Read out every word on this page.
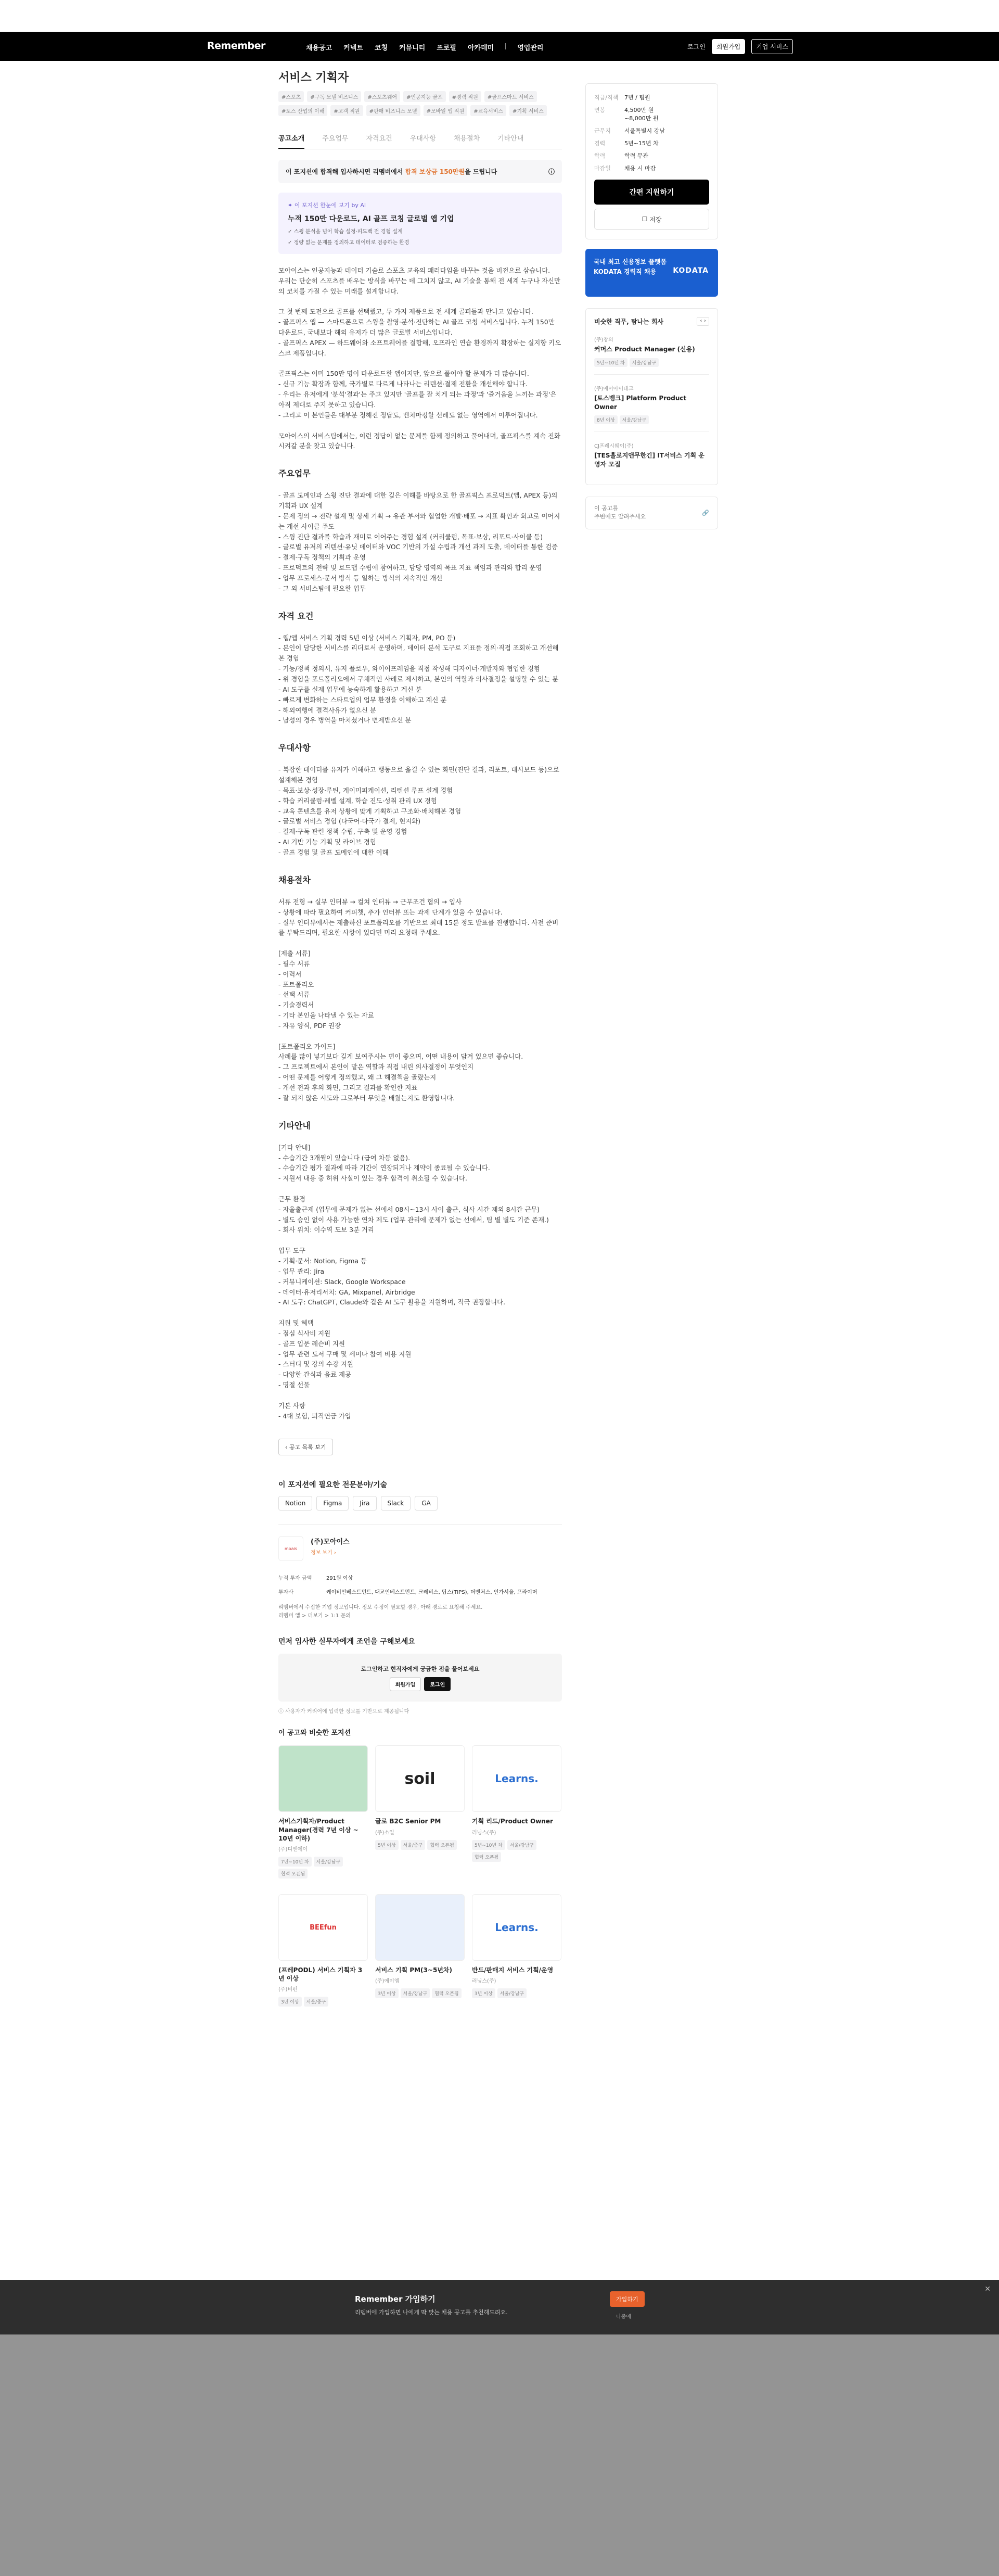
Remember	채용공고 커넥트 코칭 커뮤니티 프로필 아카데미	영업관리	로그인	회원가입	기업 서비스
서비스 기획자
#스포츠	#구독 모델 비즈니스	#스포츠웨어	#인공지능 골프	#경력 직원	#골프스마트 서비스
#토스 산업의 이해	#고객 직원	#판매 비즈니스 모델	#모바일 앱 직원	#교육서비스	#기획 서비스
공고소개	주요업무	자격요건	우대사항	채용절차	기타안내
이 포지션에 합격해 입사하시면 리멤버에서 합격 보상금 150만원을 드립니다	ⓘ
✦ 이 포지션 한눈에 보기 by AI
누적 150만 다운로드, AI 골프 코칭 글로벌 앱 기업
✓ 스윙 분석을 넘어 학습 설정·피드백 전 경험 설계
✓ 정량 없는 문제를 정의하고 데이터로 검증하는 환경
모아이스는 인공지능과 데이터 기술로 스포츠 교육의 패러다임을 바꾸는 것을 비전으로 삼습니다.
우리는 단순히 스포츠를 배우는 방식을 바꾸는 데 그치지 않고, AI 기술을 통해 전 세계 누구나 자신만의 코치를 가질 수 있는 미래를 설계합니다.

그 첫 번째 도전으로 골프를 선택했고, 두 가지 제품으로 전 세계 골퍼들과 만나고 있습니다.
- 골프픽스 앱 — 스마트폰으로 스윙을 촬영·분석·진단하는 AI 골프 코칭 서비스입니다. 누적 150만 다운로드, 국내보다 해외 유저가 더 많은 글로벌 서비스입니다.
- 골프픽스 APEX — 하드웨어와 소프트웨어를 결합해, 오프라인 연습 환경까지 확장하는 실지향 키오스크 제품입니다.

골프픽스는 이미 150만 명이 다운로드한 앱이지만, 앞으로 풀어야 할 문제가 더 많습니다.
- 신규 기능 확장과 함께, 국가별로 다르게 나타나는 리텐션·결제 전환을 개선해야 합니다.
- 우리는 유저에게 '분석'결과'는 주고 있지만 '골프를 잘 치게 되는 과정'과 '즐거움을 느끼는 과정'은 아직 제대로 주지 못하고 있습니다.
- 그리고 이 본인들은 대부분 정해진 정답도, 벤치마킹할 선례도 없는 영역에서 이루어집니다.

모아이스의 서비스팀에서는, 이런 정답이 없는 문제를 함께 정의하고 풀어내며, 골프픽스를 계속 진화시켜갈 분을 찾고 있습니다.
주요업무
- 골프 도메인과 스윙 진단 결과에 대한 깊은 이해를 바탕으로 한 골프픽스 프로덕트(앱, APEX 등)의 기획과 UX 설계
- 문제 정의 → 전략 설계 및 상세 기획 → 유관 부서와 협업한 개발·배포 → 지표 확인과 회고로 이어지는 개선 사이클 주도
- 스윙 진단 결과를 학습과 재미로 이어주는 경험 설계 (커리큘럼, 목표·보상, 리포트·사이클 등)
- 글로벌 유저의 리텐션·유닛 데이터와 VOC 기반의 가설 수립과 개선 과제 도출, 데이터를 통한 검증
- 결제·구독 정책의 기획과 운영
- 프로덕트의 전략 및 로드맵 수립에 참여하고, 담당 영역의 목표 지표 책임과 관리와 합리 운영
- 업무 프로세스·문서 방식 등 일하는 방식의 지속적인 개선
- 그 외 서비스팀에 필요한 업무
자격 요건
- 웹/앱 서비스 기획 경력 5년 이상 (서비스 기획자, PM, PO 등)
- 본인이 담당한 서비스를 리더로서 운영하며, 데이터 분석 도구로 지표를 정의·직접 조회하고 개선해본 경험
- 기능/정책 정의서, 유저 플로우, 와이어프레임을 직접 작성해 디자이너·개발자와 협업한 경험
- 위 경험을 포트폴리오에서 구체적인 사례로 제시하고, 본인의 역할과 의사결정을 설명할 수 있는 분
- AI 도구를 실제 업무에 능숙하게 활용하고 계신 분
- 빠르게 변화하는 스타트업의 업무 환경을 이해하고 계신 분
- 해외여행에 결격사유가 없으신 분
- 남성의 경우 병역을 마치셨거나 면제받으신 분
우대사항
- 복잡한 데이터를 유저가 이해하고 행동으로 옮길 수 있는 화면(진단 결과, 리포트, 대시보드 등)으로 설계해본 경험
- 목표·보상·성장·루틴, 게이미피케이션, 리텐션 루프 설계 경험
- 학습 커리큘럼·레벨 설계, 학습 진도·성취 관리 UX 경험
- 교육 콘텐츠를 유저 상황에 맞게 기획하고 구조화·배치해본 경험
- 글로벌 서비스 경험 (다국어·다국가 결제, 현지화)
- 결제·구독 관련 정책 수립, 구축 및 운영 경험
- AI 기반 기능 기획 및 라이브 경험
- 골프 경험 및 골프 도메인에 대한 이해
채용절차
서류 전형 → 실무 인터뷰 → 컬쳐 인터뷰 → 근무조건 협의 → 입사
- 상황에 따라 필요하여 커피챗, 추가 인터뷰 또는 과제 단계가 있을 수 있습니다.
- 실무 인터뷰에서는 제출하신 포트폴리오를 기반으로 최대 15분 정도 발표를 진행합니다. 사전 준비를 부탁드리며, 필요한 사항이 있다면 미리 요청해 주세요.

[제출 서류]
- 필수 서류
- 이력서
- 포트폴리오
- 선택 서류
- 기술경력서
- 기타 본인을 나타낼 수 있는 자료
- 자유 양식, PDF 권장

[포트폴리오 가이드]
사례를 많이 넣기보다 깊게 보여주시는 편이 좋으며, 어떤 내용이 담겨 있으면 좋습니다.
- 그 프로젝트에서 본인이 맡은 역할과 직접 내린 의사결정이 무엇인지
- 어떤 문제를 어떻게 정의했고, 왜 그 해결책을 골랐는지
- 개선 전과 후의 화면, 그리고 결과를 확인한 지표
- 잘 되지 않은 시도와 그로부터 무엇을 배웠는지도 환영합니다.
기타안내
[기타 안내]
- 수습기간 3개월이 있습니다 (급여 차등 없음).
- 수습기간 평가 결과에 따라 기간이 연장되거나 계약이 종료될 수 있습니다.
- 지원서 내용 중 허위 사실이 있는 경우 합격이 취소될 수 있습니다.

근무 환경
- 자율출근제 (업무에 문제가 없는 선에서 08시~13시 사이 출근, 식사 시간 제외 8시간 근무)
- 별도 승인 없이 사용 가능한 연차 제도 (업무 관리에 문제가 없는 선에서, 팀 별 별도 기준 존재.)
- 회사 위치: 이수역 도보 3분 거리

업무 도구
- 기획·문서: Notion, Figma 등
- 업무 관리: Jira
- 커뮤니케이션: Slack, Google Workspace
- 데이터·유저리서치: GA, Mixpanel, Airbridge
- AI 도구: ChatGPT, Claude와 같은 AI 도구 활용을 지원하며, 적극 권장합니다.

지원 및 혜택
- 점심 식사비 지원
- 골프 입문 레슨비 지원
- 업무 관련 도서 구매 및 세미나 참여 비용 지원
- 스터디 및 강의 수강 지원
- 다양한 간식과 음료 제공
- 명절 선물

기본 사항
- 4대 보험, 퇴직연금 가입
‹ 공고 목록 보기
이 포지션에 필요한 전문분야/기술
Notion	Figma	Jira	Slack	GA
moais
(주)모아이스
정보 보기 ›
누적 투자 금액	291원 이상
투자사	케이비인베스트먼트, 대교인베스트먼트, 크레비스, 팁스(TIPS), 더벤처스, 인가서울, 프라이머
리멤버에서 수집한 기업 정보입니다. 정보 수정이 필요할 경우, 아래 경로로 요청해 주세요.
리멤버 앱 > 더보기 > 1:1 문의
먼저 입사한 실무자에게 조언을 구해보세요
로그인하고 현직자에게 궁금한 점을 물어보세요
회원가입	로그인
ⓘ 사용자가 커리어에 입력한 정보를 기반으로 제공됩니다
이 공고와 비슷한 포지션
서비스기획자/Product Manager(경력 7년 이상 ~ 10년 이하)
(주)디엔에이
7년~10년 차	서울/강남구
협력 오픈됨
soil
글로 B2C Senior PM
(주)소일
5년 이상	서울/중구	협력 오픈됨
Learns.
기획 리드/Product Owner
러닝스(주)
5년~10년 차	서울/강남구
협력 오픈됨
BEEfun
(프레PODL) 서비스 기획자 3년 이상
(주)비펀
3년 이상	서울/중구
서비스 기획 PM(3~5년차)
(주)에이엠
3년 이상	서울/강남구	협력 오픈됨
Learns.
반드/판매지 서비스 기획/운영
러닝스(주)
3년 이상	서울/강남구
직급/직책	7년 / 팀원
연봉	4,500만 원
~8,000만 원
근무지	서울특별시 강남
경력	5년~15년 차
학력	학력 무관
마감일	채용 시 마감
간편 지원하기
☐ 저장
국내 최고 신용정보 플랫폼
KODATA 경력직 채용	KODATA
비슷한 직무, 탐나는 회사	‹ ›
(주)창의
커머스 Product Manager (신용)
5년~10년 차	서울/강남구
(주)에이아이테크
[토스뱅크] Platform Product Owner
8년 이상	서울/강남구
CJ프레시웨이(주)
[TES홀로지앤무한긴] IT서비스 기획 운영자 모집
이 공고를
주변에도 알려주세요
🔗
Remember 가입하기
리멤버에 가입하면 나에게 딱 맞는 채용 공고를 추천해드려요.
가입하기
나중에
✕
